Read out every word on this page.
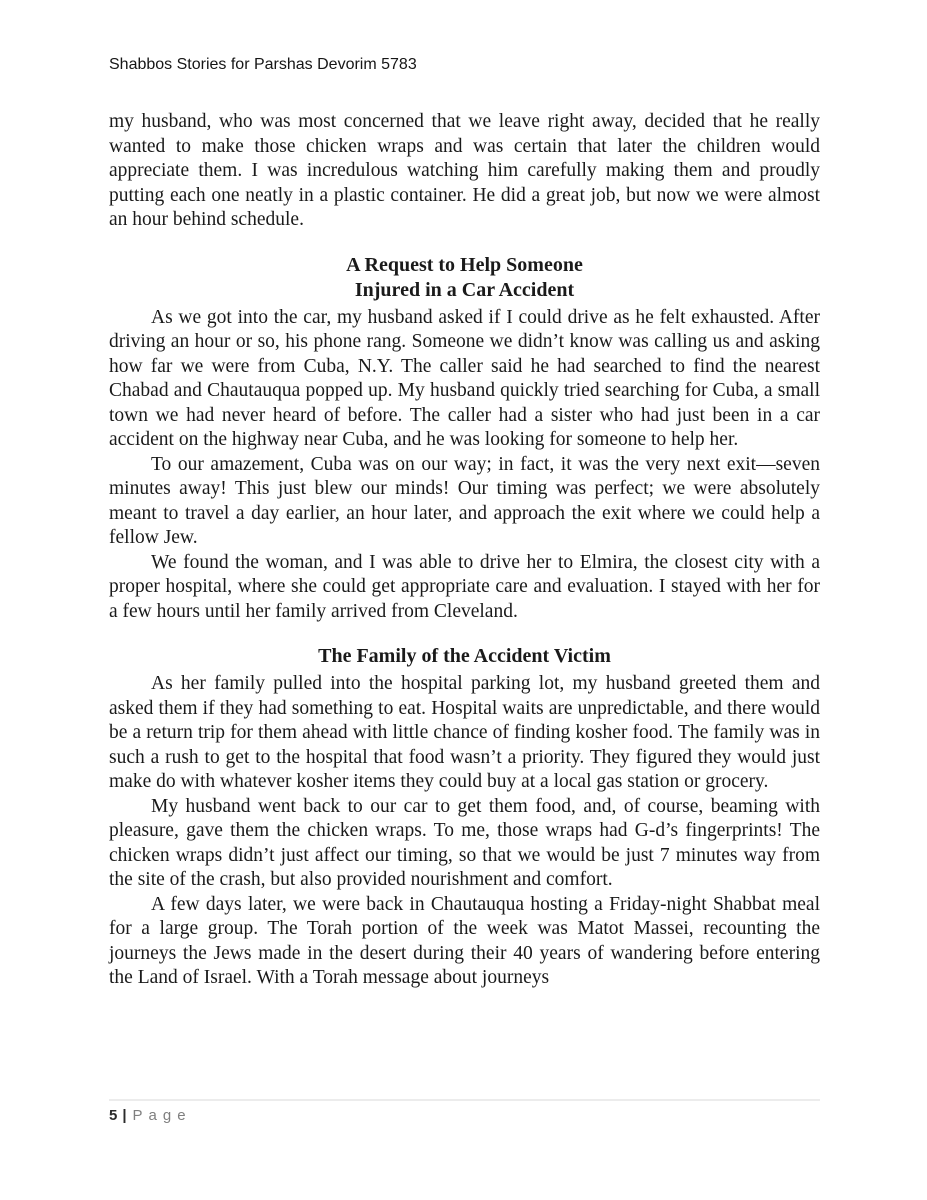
Shabbos Stories for Parshas Devorim 5783

my husband, who was most concerned that we leave right away, decided that he really wanted to make those chicken wraps and was certain that later the children would appreciate them. I was incredulous watching him carefully making them and proudly putting each one neatly in a plastic container. He did a great job, but now we were almost an hour behind schedule.

A Request to Help Someone
Injured in a Car Accident

As we got into the car, my husband asked if I could drive as he felt exhausted. After driving an hour or so, his phone rang. Someone we didn’t know was calling us and asking how far we were from Cuba, N.Y. The caller said he had searched to find the nearest Chabad and Chautauqua popped up. My husband quickly tried searching for Cuba, a small town we had never heard of before. The caller had a sister who had just been in a car accident on the highway near Cuba, and he was looking for someone to help her.

To our amazement, Cuba was on our way; in fact, it was the very next exit—seven minutes away! This just blew our minds! Our timing was perfect; we were absolutely meant to travel a day earlier, an hour later, and approach the exit where we could help a fellow Jew.

We found the woman, and I was able to drive her to Elmira, the closest city with a proper hospital, where she could get appropriate care and evaluation. I stayed with her for a few hours until her family arrived from Cleveland.

The Family of the Accident Victim

As her family pulled into the hospital parking lot, my husband greeted them and asked them if they had something to eat. Hospital waits are unpredictable, and there would be a return trip for them ahead with little chance of finding kosher food. The family was in such a rush to get to the hospital that food wasn’t a priority. They figured they would just make do with whatever kosher items they could buy at a local gas station or grocery.

My husband went back to our car to get them food, and, of course, beaming with pleasure, gave them the chicken wraps. To me, those wraps had G-d’s fingerprints! The chicken wraps didn’t just affect our timing, so that we would be just 7 minutes way from the site of the crash, but also provided nourishment and comfort.

A few days later, we were back in Chautauqua hosting a Friday-night Shabbat meal for a large group. The Torah portion of the week was Matot Massei, recounting the journeys the Jews made in the desert during their 40 years of wandering before entering the Land of Israel. With a Torah message about journeys

5 | Page
